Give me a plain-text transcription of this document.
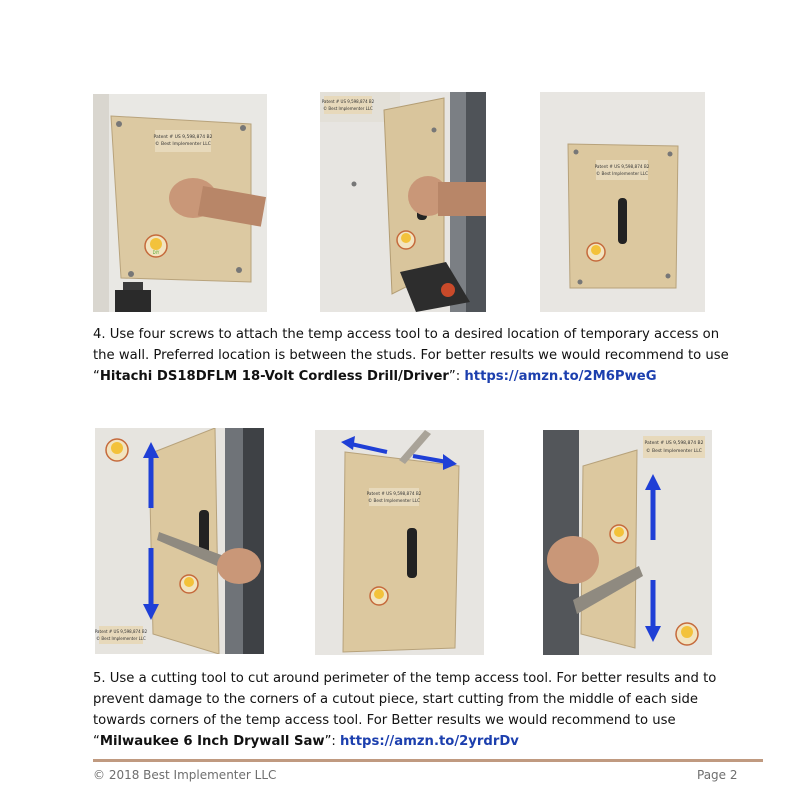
Patent # US 9,598,874 B2
© Best Implementer LLC
DIY
Patent # US 9,598,874 B2
© Best Implementer LLC
Patent # US 9,598,874 B2
© Best Implementer LLC
4. Use four screws to attach the temp access tool to a desired location of temporary access on
the wall. Preferred location is between the studs. For better results we would recommend to use
“Hitachi DS18DFLM 18-Volt Cordless Drill/Driver”: https://amzn.to/2M6PweG
Patent # US 9,598,874 B2
© Best Implementer LLC
Patent # US 9,598,874 B2
© Best Implementer LLC
Patent # US 9,598,874 B2
© Best Implementer LLC
5. Use a cutting tool to cut around perimeter of the temp access tool. For better results and to
prevent damage to the corners of a cutout piece, start cutting from the middle of each side
towards corners of the temp access tool. For Better results we would recommend to use
“Milwaukee 6 Inch Drywall Saw”: https://amzn.to/2yrdrDv
© 2018 Best Implementer LLC	Page 2
